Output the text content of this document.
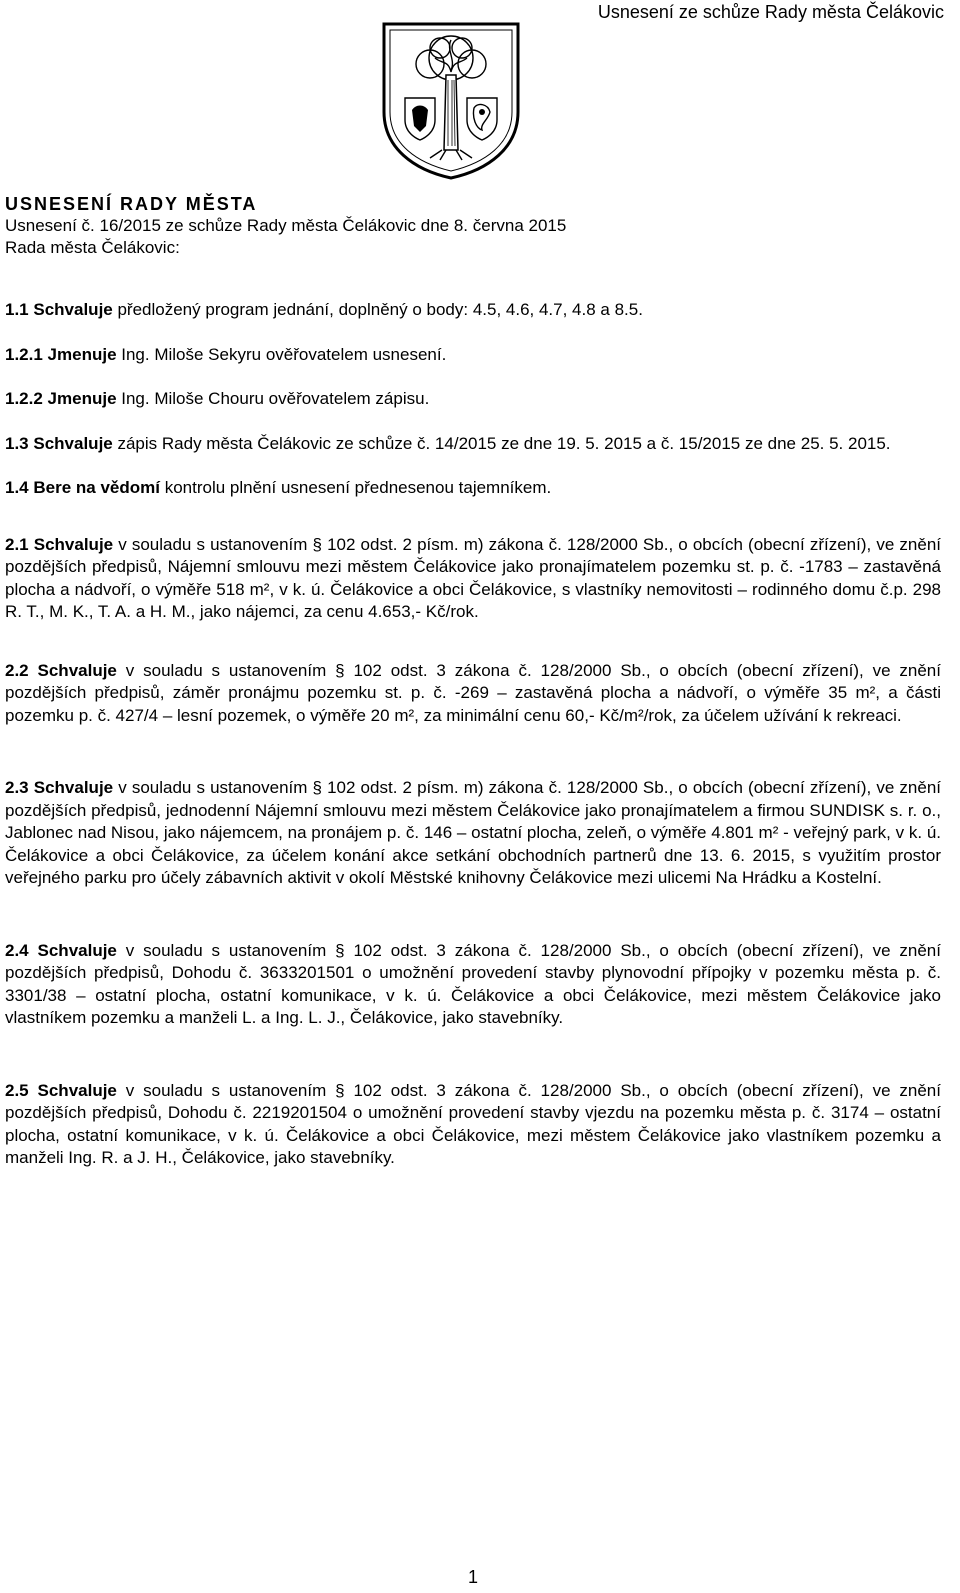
Usnesení ze schůze Rady města Čelákovic
USNESENÍ RADY MĚSTA
Usnesení č. 16/2015 ze schůze Rady města Čelákovic dne 8. června 2015
Rada města Čelákovic:

1.1 Schvaluje předložený program jednání, doplněný o body: 4.5, 4.6, 4.7, 4.8 a 8.5.

1.2.1 Jmenuje Ing. Miloše Sekyru ověřovatelem usnesení.

1.2.2 Jmenuje Ing. Miloše Chouru ověřovatelem zápisu.

1.3 Schvaluje zápis Rady města Čelákovic ze schůze č. 14/2015 ze dne 19. 5. 2015 a č. 15/2015 ze dne 25. 5. 2015.

1.4 Bere na vědomí kontrolu plnění usnesení přednesenou tajemníkem.

2.1 Schvaluje v souladu s ustanovením § 102 odst. 2 písm. m) zákona č. 128/2000 Sb., o obcích (obecní zřízení), ve znění pozdějších předpisů, Nájemní smlouvu mezi městem Čelákovice jako pronajímatelem pozemku st. p. č. -1783 – zastavěná plocha a nádvoří, o výměře 518 m², v k. ú. Čelákovice a obci Čelákovice, s vlastníky nemovitosti – rodinného domu č.p. 298 R. T., M. K., T. A. a H. M., jako nájemci, za cenu 4.653,- Kč/rok.

2.2 Schvaluje v souladu s ustanovením § 102 odst. 3 zákona č. 128/2000 Sb., o obcích (obecní zřízení), ve znění pozdějších předpisů, záměr pronájmu pozemku st. p. č. -269 – zastavěná plocha a nádvoří, o výměře 35 m², a části pozemku p. č. 427/4 – lesní pozemek, o výměře 20 m², za minimální cenu 60,- Kč/m²/rok, za účelem užívání k rekreaci.

2.3 Schvaluje v souladu s ustanovením § 102 odst. 2 písm. m) zákona č. 128/2000 Sb., o obcích (obecní zřízení), ve znění pozdějších předpisů, jednodenní Nájemní smlouvu mezi městem Čelákovice jako pronajímatelem a firmou SUNDISK s. r. o., Jablonec nad Nisou, jako nájemcem, na pronájem p. č. 146 – ostatní plocha, zeleň, o výměře 4.801 m² - veřejný park, v k. ú. Čelákovice a obci Čelákovice, za účelem konání akce setkání obchodních partnerů dne 13. 6. 2015, s využitím prostor veřejného parku pro účely zábavních aktivit v okolí Městské knihovny Čelákovice mezi ulicemi Na Hrádku a Kostelní.

2.4 Schvaluje v souladu s ustanovením § 102 odst. 3 zákona č. 128/2000 Sb., o obcích (obecní zřízení), ve znění pozdějších předpisů, Dohodu č. 3633201501 o umožnění provedení stavby plynovodní přípojky v pozemku města p. č. 3301/38 – ostatní plocha, ostatní komunikace, v k. ú. Čelákovice a obci Čelákovice, mezi městem Čelákovice jako vlastníkem pozemku a manželi L. a Ing. L. J., Čelákovice, jako stavebníky.

2.5 Schvaluje v souladu s ustanovením § 102 odst. 3 zákona č. 128/2000 Sb., o obcích (obecní zřízení), ve znění pozdějších předpisů, Dohodu č. 2219201504 o umožnění provedení stavby vjezdu na pozemku města p. č. 3174 – ostatní plocha, ostatní komunikace, v k. ú. Čelákovice a obci Čelákovice, mezi městem Čelákovice jako vlastníkem pozemku a manželi Ing. R. a J. H., Čelákovice, jako stavebníky.

1
